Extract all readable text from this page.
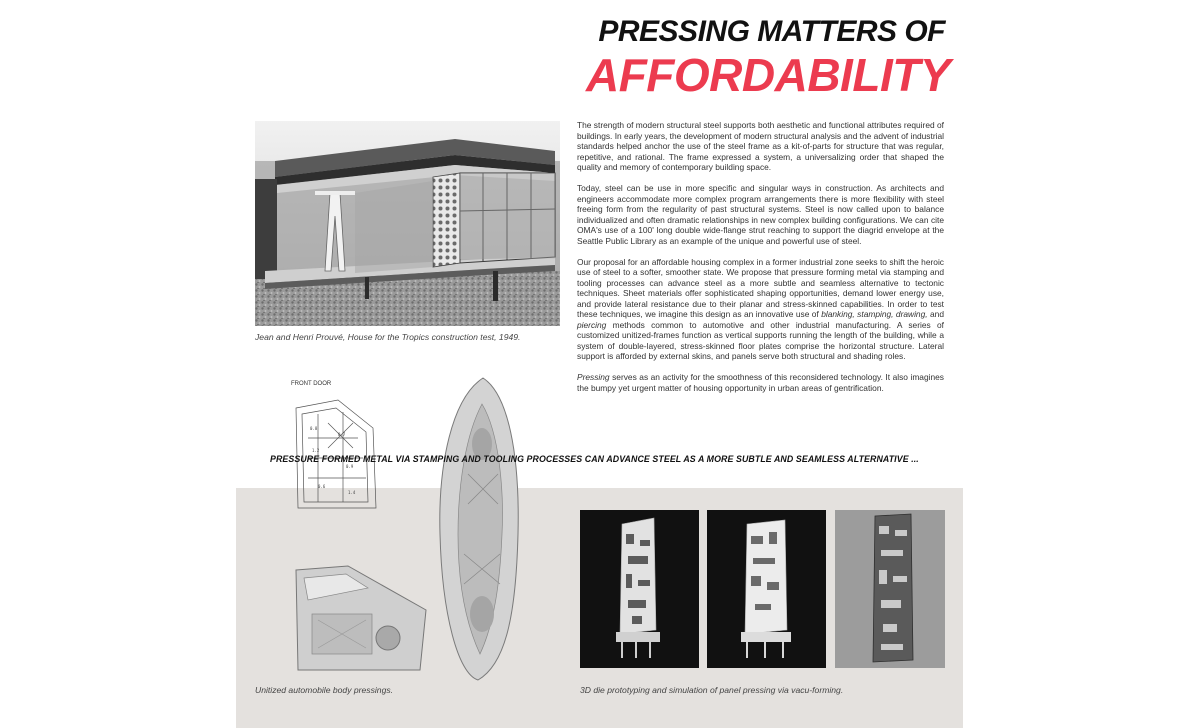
PRESSING MATTERS OF
AFFORDABILITY
Jean and Henri Prouvé, House for the Tropics construction test, 1949.

The strength of modern structural steel supports both aesthetic and functional attributes required of buildings. In early years, the development of modern structural analysis and the advent of industrial standards helped anchor the use of the steel frame as a kit-of-parts for structure that was regular, repetitive, and rational. The frame expressed a system, a universalizing order that shaped the quality and memory of contemporary building space.

Today, steel can be use in more specific and singular ways in construction. As architects and engineers accommodate more complex program arrangements there is more flexibility with steel freeing form from the regularity of past structural systems. Steel is now called upon to balance individualized and often dramatic relationships in new complex building configurations. We can cite OMA's use of a 100' long double wide-flange strut reaching to support the diagrid envelope at the Seattle Public Library as an example of the unique and powerful use of steel.

Our proposal for an affordable housing complex in a former industrial zone seeks to shift the heroic use of steel to a softer, smoother state. We propose that pressure forming metal via stamping and tooling processes can advance steel as a more subtle and seamless alternative to tectonic techniques. Sheet materials offer sophisticated shaping opportunities, demand lower energy use, and provide lateral resistance due to their planar and stress-skinned capabilities. In order to test these techniques, we imagine this design as an innovative use of blanking, stamping, drawing, and piercing methods common to automotive and other industrial manufacturing. A series of customized unitized-frames function as vertical supports running the length of the building, while a system of double-layered, stress-skinned floor plates comprise the horizontal structure. Lateral support is afforded by external skins, and panels serve both structural and shading roles.

Pressing serves as an activity for the smoothness of this reconsidered technology. It also imagines the bumpy yet urgent matter of housing opportunity in urban areas of gentrification.

FRONT DOOR
0.8
0.7
1.2
0.9
0.6
1.4
PRESSURE FORMED METAL VIA STAMPING AND TOOLING PROCESSES CAN ADVANCE STEEL AS A MORE SUBTLE AND SEAMLESS ALTERNATIVE ...
Unitized automobile body pressings.	3D die prototyping and simulation of panel pressing via vacu-forming.
